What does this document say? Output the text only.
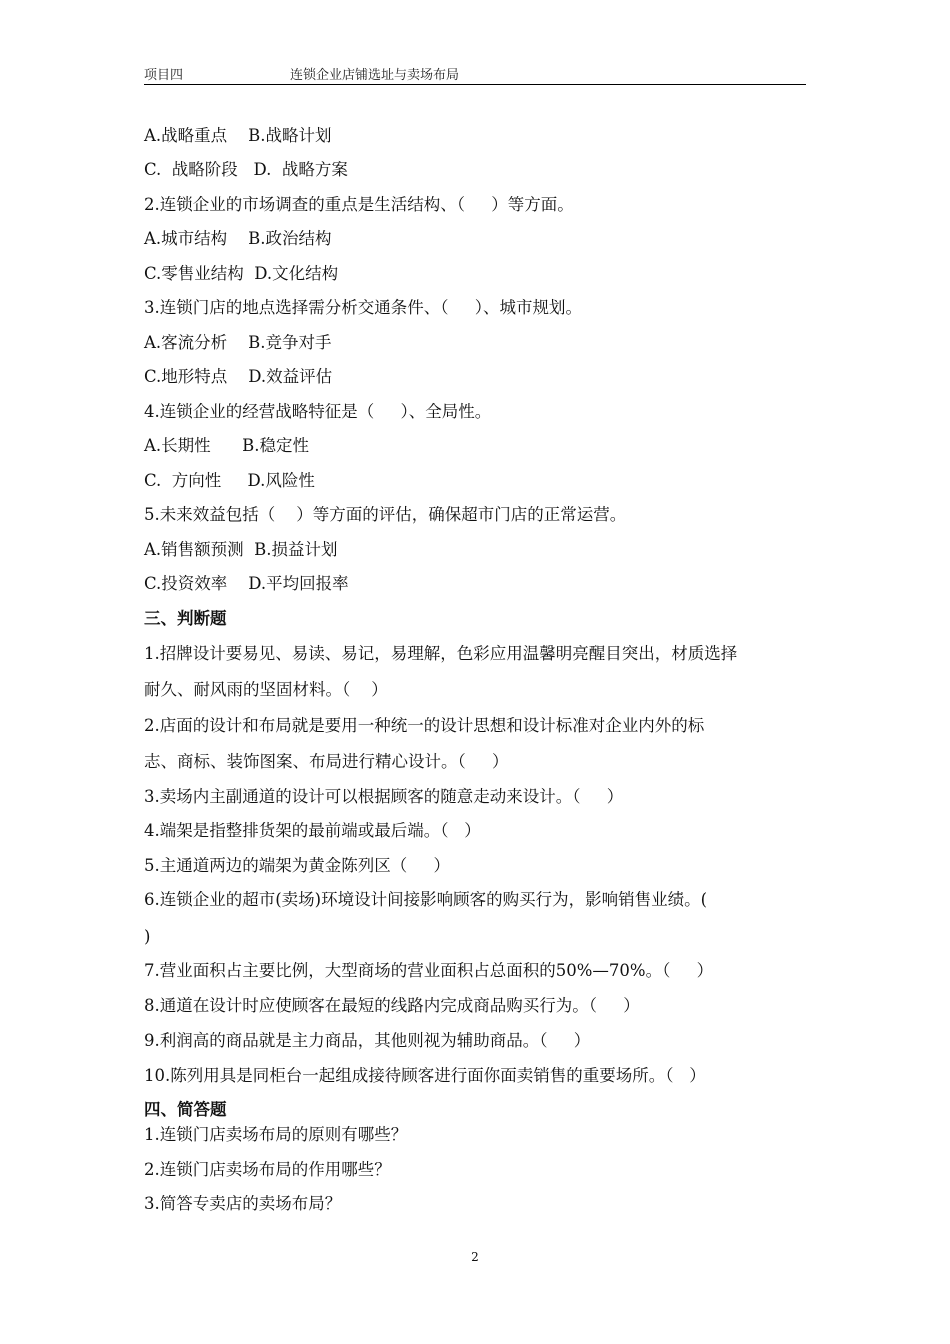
项目四	连锁企业店铺选址与卖场布局
A.战略重点    B.战略计划
C.  战略阶段   D.  战略方案
2.连锁企业的市场调查的重点是生活结构、（     ）等方面。
A.城市结构    B.政治结构
C.零售业结构  D.文化结构
3.连锁门店的地点选择需分析交通条件、（     ）、城市规划。
A.客流分析    B.竞争对手
C.地形特点    D.效益评估
4.连锁企业的经营战略特征是（     ）、全局性。
A.长期性      B.稳定性
C.  方向性     D.风险性
5.未来效益包括（    ）等方面的评估，确保超市门店的正常运营。
A.销售额预测  B.损益计划
C.投资效率    D.平均回报率
三、判断题
1.招牌设计要易见、易读、易记，易理解，色彩应用温馨明亮醒目突出，材质选择
耐久、耐风雨的坚固材料。（    ）
2.店面的设计和布局就是要用一种统一的设计思想和设计标准对企业内外的标
志、商标、装饰图案、布局进行精心设计。（     ）
3.卖场内主副通道的设计可以根据顾客的随意走动来设计。（     ）
4.端架是指整排货架的最前端或最后端。（   ）
5.主通道两边的端架为黄金陈列区（     ）
6.连锁企业的超市(卖场)环境设计间接影响顾客的购买行为，影响销售业绩。(
)
7.营业面积占主要比例，大型商场的营业面积占总面积的50%—70%。（     ）
8.通道在设计时应使顾客在最短的线路内完成商品购买行为。（     ）
9.利润高的商品就是主力商品，其他则视为辅助商品。（     ）
10.陈列用具是同柜台一起组成接待顾客进行面你面卖销售的重要场所。（   ）
四、简答题
1.连锁门店卖场布局的原则有哪些？
2.连锁门店卖场布局的作用哪些？
3.简答专卖店的卖场布局？
2
